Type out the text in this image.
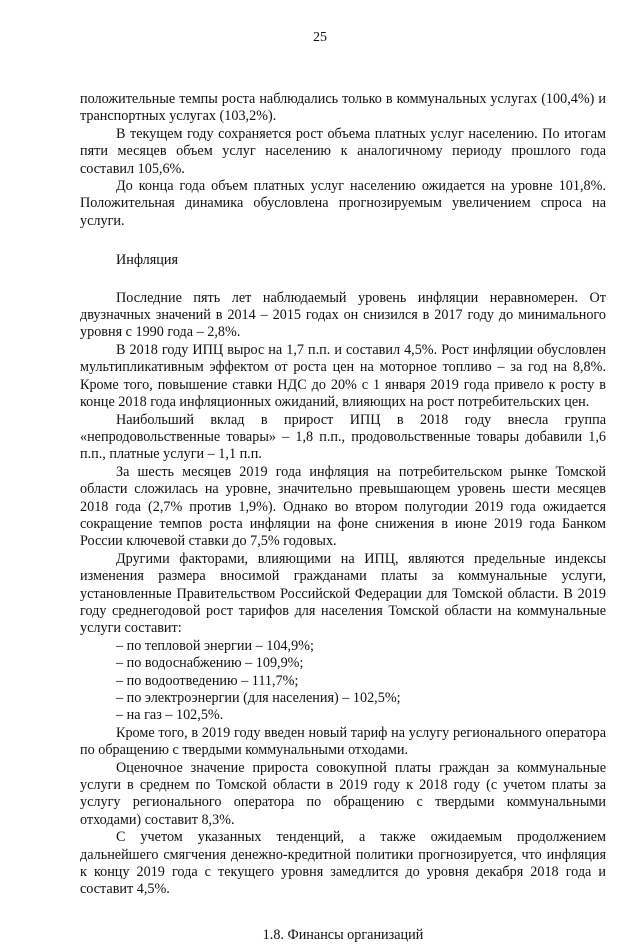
25

положительные темпы роста наблюдались только в коммунальных услугах (100,4%) и транспортных услугах (103,2%).

В текущем году сохраняется рост объема платных услуг населению. По итогам пяти месяцев объем услуг населению к аналогичному периоду прошлого года составил 105,6%.

До конца года объем платных услуг населению ожидается на уровне 101,8%. Положительная динамика обусловлена прогнозируемым увеличением спроса на услуги.

Инфляция

Последние пять лет наблюдаемый уровень инфляции неравномерен. От двузначных значений в 2014 – 2015 годах он снизился в 2017 году до минимального уровня с 1990 года – 2,8%.

В 2018 году ИПЦ вырос на 1,7 п.п. и составил 4,5%. Рост инфляции обусловлен мультипликативным эффектом от роста цен на моторное топливо – за год на 8,8%. Кроме того, повышение ставки НДС до 20% с 1 января 2019 года привело к росту в конце 2018 года инфляционных ожиданий, влияющих на рост потребительских цен.

Наибольший вклад в прирост ИПЦ в 2018 году внесла группа «непродовольственные товары» – 1,8 п.п., продовольственные товары добавили 1,6 п.п., платные услуги – 1,1 п.п.

За шесть месяцев 2019 года инфляция на потребительском рынке Томской области сложилась на уровне, значительно превышающем уровень шести месяцев 2018 года (2,7% против 1,9%). Однако во втором полугодии 2019 года ожидается сокращение темпов роста инфляции на фоне снижения в июне 2019 года Банком России ключевой ставки до 7,5% годовых.

Другими факторами, влияющими на ИПЦ, являются предельные индексы изменения размера вносимой гражданами платы за коммунальные услуги, установленные Правительством Российской Федерации для Томской области. В 2019 году среднегодовой рост тарифов для населения Томской области на коммунальные услуги составит:

– по тепловой энергии – 104,9%;

– по водоснабжению – 109,9%;

– по водоотведению – 111,7%;

– по электроэнергии (для населения) – 102,5%;

– на газ – 102,5%.

Кроме того, в 2019 году введен новый тариф на услугу регионального оператора по обращению с твердыми коммунальными отходами.

Оценочное значение прироста совокупной платы граждан за коммунальные услуги в среднем по Томской области в 2019 году к 2018 году (с учетом платы за услугу регионального оператора по обращению с твердыми коммунальными отходами) составит 8,3%.

С учетом указанных тенденций, а также ожидаемым продолжением дальнейшего смягчения денежно-кредитной политики прогнозируется, что инфляция к концу 2019 года с текущего уровня замедлится до уровня декабря 2018 года и составит 4,5%.

1.8. Финансы организаций
